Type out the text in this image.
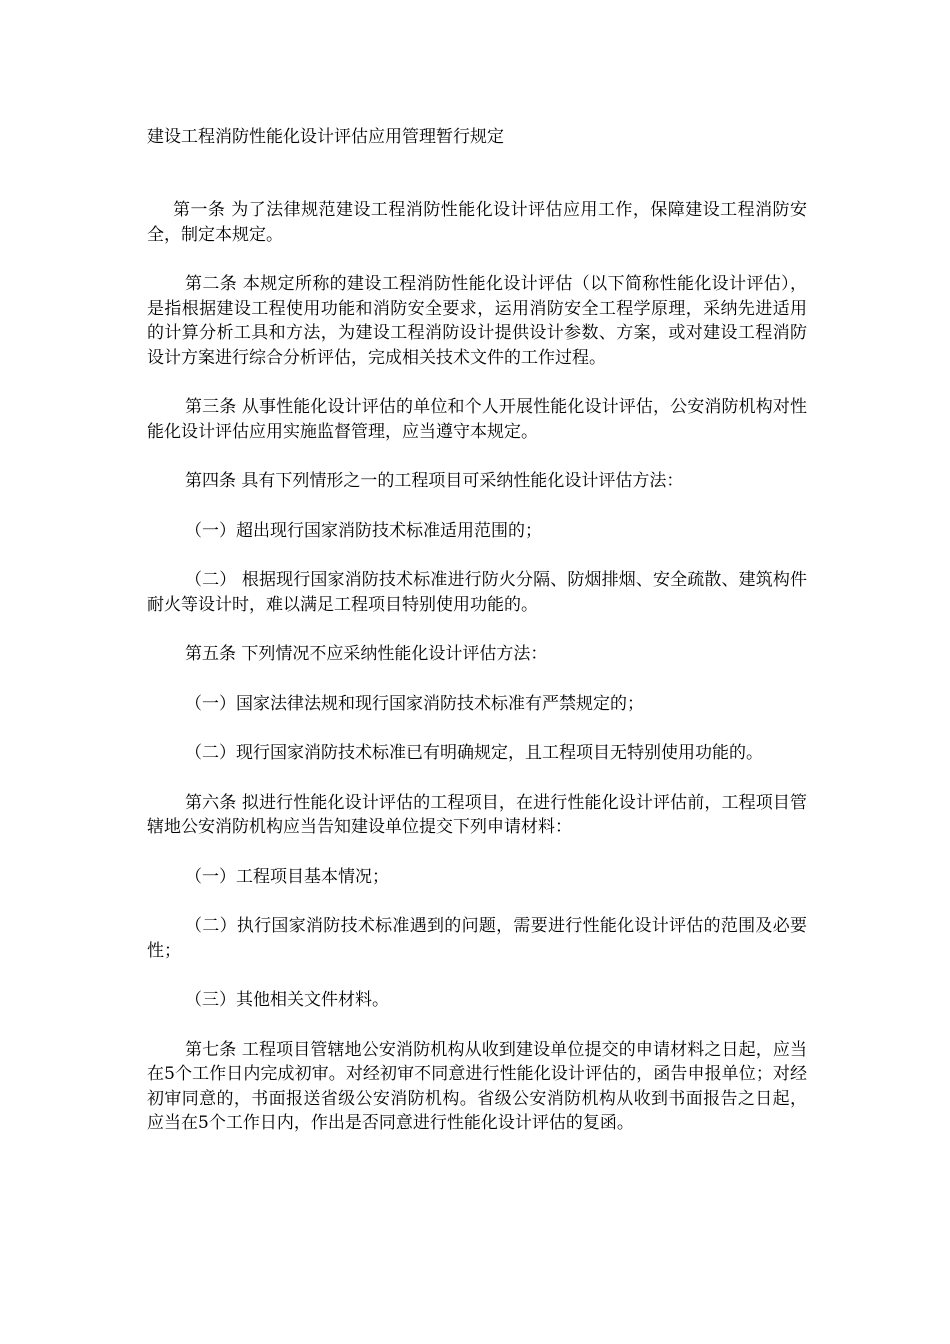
建设工程消防性能化设计评估应用管理暂行规定

第一条 为了法律规范建设工程消防性能化设计评估应用工作，保障建设工程消防安全，制定本规定。

第二条 本规定所称的建设工程消防性能化设计评估（以下简称性能化设计评估），是指根据建设工程使用功能和消防安全要求，运用消防安全工程学原理，采纳先进适用的计算分析工具和方法，为建设工程消防设计提供设计参数、方案，或对建设工程消防设计方案进行综合分析评估，完成相关技术文件的工作过程。

第三条 从事性能化设计评估的单位和个人开展性能化设计评估，公安消防机构对性能化设计评估应用实施监督管理，应当遵守本规定。

第四条 具有下列情形之一的工程项目可采纳性能化设计评估方法：

（一）超出现行国家消防技术标准适用范围的；

（二） 根据现行国家消防技术标准进行防火分隔、防烟排烟、安全疏散、建筑构件耐火等设计时，难以满足工程项目特别使用功能的。

第五条 下列情况不应采纳性能化设计评估方法：

（一）国家法律法规和现行国家消防技术标准有严禁规定的；

（二）现行国家消防技术标准已有明确规定，且工程项目无特别使用功能的。

第六条 拟进行性能化设计评估的工程项目，在进行性能化设计评估前，工程项目管辖地公安消防机构应当告知建设单位提交下列申请材料：

（一）工程项目基本情况；

（二）执行国家消防技术标准遇到的问题，需要进行性能化设计评估的范围及必要性；

（三）其他相关文件材料。

第七条 工程项目管辖地公安消防机构从收到建设单位提交的申请材料之日起，应当在5个工作日内完成初审。对经初审不同意进行性能化设计评估的，函告申报单位；对经初审同意的，书面报送省级公安消防机构。省级公安消防机构从收到书面报告之日起，应当在5个工作日内，作出是否同意进行性能化设计评估的复函。
